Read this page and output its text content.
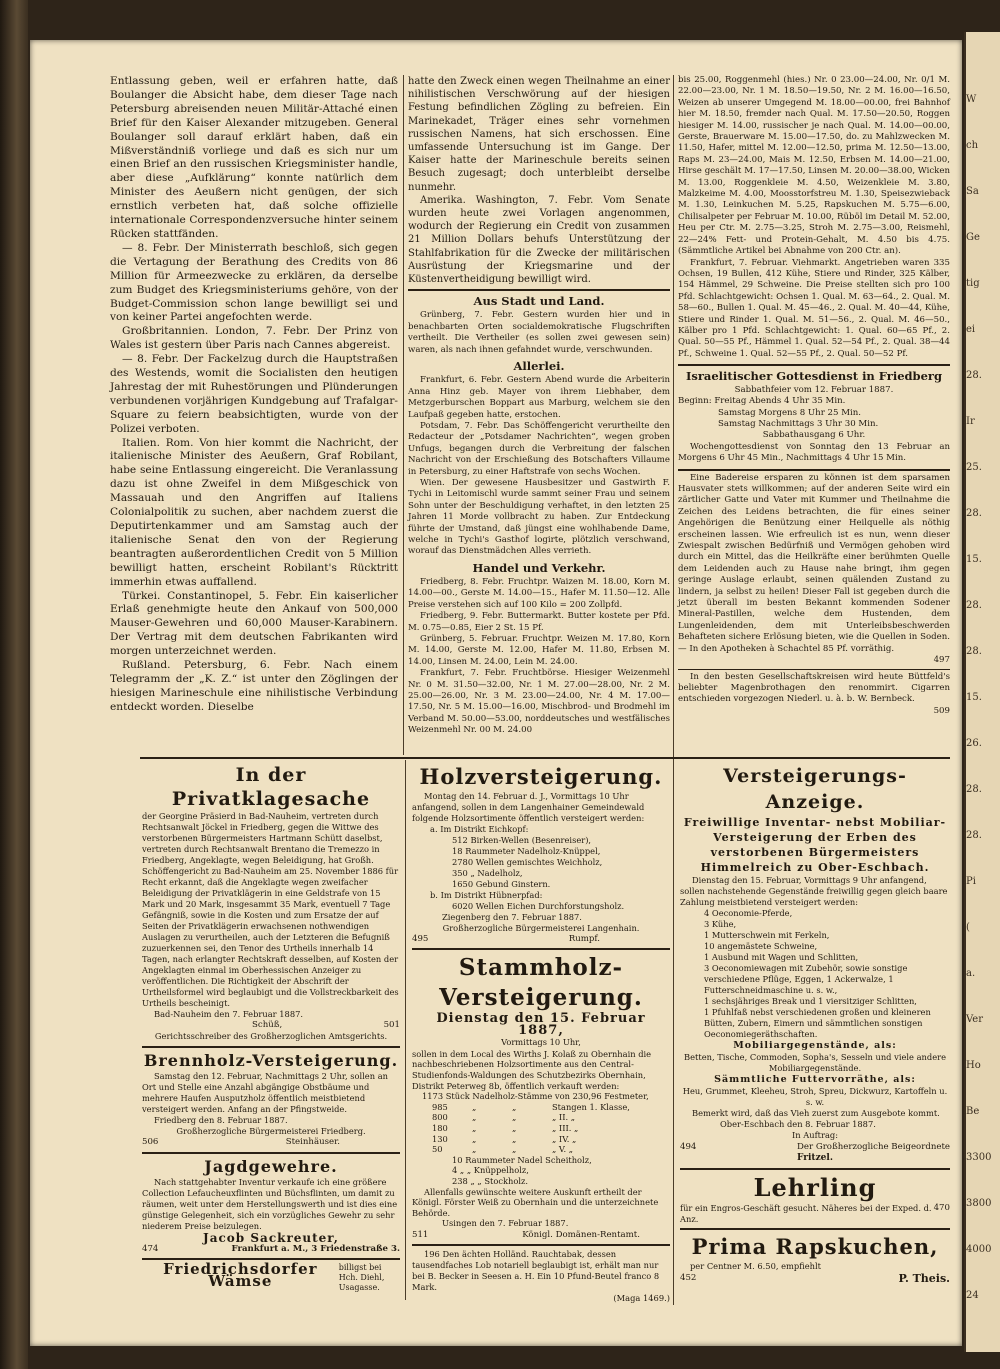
W
ch
Sa
Ge
tig
ei
28.
Ir
25.
28.
15.
28.
28.
15.
26.
28.
28.
Pi
(
a.
Ver
Ho
Be
3300
3800
4000
24

Entlassung geben, weil er erfahren hatte, daß Boulanger die Absicht habe, dem dieser Tage nach Petersburg abreisenden neuen Militär-Attaché einen Brief für den Kaiser Alexander mitzugeben. General Boulanger soll darauf erklärt haben, daß ein Mißverständniß vorliege und daß es sich nur um einen Brief an den russischen Kriegsminister handle, aber diese „Aufklärung“ konnte natürlich dem Minister des Aeußern nicht genügen, der sich ernstlich verbeten hat, daß solche offizielle internationale Correspondenzversuche hinter seinem Rücken stattfänden.

— 8. Febr. Der Ministerrath beschloß, sich gegen die Vertagung der Berathung des Credits von 86 Million für Armeezwecke zu erklären, da derselbe zum Budget des Kriegsministeriums gehöre, von der Budget-Commission schon lange bewilligt sei und von keiner Partei angefochten werde.

Großbritannien. London, 7. Febr. Der Prinz von Wales ist gestern über Paris nach Cannes abgereist.

— 8. Febr. Der Fackelzug durch die Hauptstraßen des Westends, womit die Socialisten den heutigen Jahrestag der mit Ruhestörungen und Plünderungen verbundenen vorjährigen Kundgebung auf Trafalgar-Square zu feiern beabsichtigten, wurde von der Polizei verboten.

Italien. Rom. Von hier kommt die Nachricht, der italienische Minister des Aeußern, Graf Robilant, habe seine Entlassung eingereicht. Die Veranlassung dazu ist ohne Zweifel in dem Mißgeschick von Massauah und den Angriffen auf Italiens Colonialpolitik zu suchen, aber nachdem zuerst die Deputirtenkammer und am Samstag auch der italienische Senat den von der Regierung beantragten außerordentlichen Credit von 5 Million bewilligt hatten, erscheint Robilant's Rücktritt immerhin etwas auffallend.

Türkei. Constantinopel, 5. Febr. Ein kaiserlicher Erlaß genehmigte heute den Ankauf von 500,000 Mauser-Gewehren und 60,000 Mauser-Karabinern. Der Vertrag mit dem deutschen Fabrikanten wird morgen unterzeichnet werden.

Rußland. Petersburg, 6. Febr. Nach einem Telegramm der „K. Z.“ ist unter den Zöglingen der hiesigen Marineschule eine nihilistische Verbindung entdeckt worden. Dieselbe

hatte den Zweck einen wegen Theilnahme an einer nihilistischen Verschwörung auf der hiesigen Festung befindlichen Zögling zu befreien. Ein Marinekadet, Träger eines sehr vornehmen russischen Namens, hat sich erschossen. Eine umfassende Untersuchung ist im Gange. Der Kaiser hatte der Marineschule bereits seinen Besuch zugesagt; doch unterbleibt derselbe nunmehr.

Amerika. Washington, 7. Febr. Vom Senate wurden heute zwei Vorlagen angenommen, wodurch der Regierung ein Credit von zusammen 21 Million Dollars behufs Unterstützung der Stahlfabrikation für die Zwecke der militärischen Ausrüstung der Kriegsmarine und der Küstenvertheidigung bewilligt wird.

Aus Stadt und Land.

Grünberg, 7. Febr. Gestern wurden hier und in benachbarten Orten socialdemokratische Flugschriften vertheilt. Die Vertheiler (es sollen zwei gewesen sein) waren, als nach ihnen gefahndet wurde, verschwunden.

Allerlei.

Frankfurt, 6. Febr. Gestern Abend wurde die Arbeiterin Anna Hinz geb. Mayer von ihrem Liebhaber, dem Metzgerburschen Boppart aus Marburg, welchem sie den Laufpaß gegeben hatte, erstochen.

Potsdam, 7. Febr. Das Schöffengericht verurtheilte den Redacteur der „Potsdamer Nachrichten“, wegen groben Unfugs, begangen durch die Verbreitung der falschen Nachricht von der Erschießung des Botschafters Villaume in Petersburg, zu einer Haftstrafe von sechs Wochen.

Wien. Der gewesene Hausbesitzer und Gastwirth F. Tychi in Leitomischl wurde sammt seiner Frau und seinem Sohn unter der Beschuldigung verhaftet, in den letzten 25 Jahren 11 Morde vollbracht zu haben. Zur Entdeckung führte der Umstand, daß jüngst eine wohlhabende Dame, welche in Tychi's Gasthof logirte, plötzlich verschwand, worauf das Dienstmädchen Alles verrieth.

Handel und Verkehr.

Friedberg, 8. Febr. Fruchtpr. Waizen M. 18.00, Korn M. 14.00—00., Gerste M. 14.00—15., Hafer M. 11.50—12. Alle Preise verstehen sich auf 100 Kilo = 200 Zollpfd.

Friedberg, 9. Febr. Buttermarkt. Butter kostete per Pfd. M. 0.75—0.85, Eier 2 St. 15 Pf.

Grünberg, 5. Februar. Fruchtpr. Weizen M. 17.80, Korn M. 14.00, Gerste M. 12.00, Hafer M. 11.80, Erbsen M. 14.00, Linsen M. 24.00, Lein M. 24.00.

Frankfurt, 7. Febr. Fruchtbörse. Hiesiger Weizenmehl Nr. 0 M. 31.50—32.00, Nr. 1 M. 27.00—28.00, Nr. 2 M. 25.00—26.00, Nr. 3 M. 23.00—24.00, Nr. 4 M. 17.00—17.50, Nr. 5 M. 15.00—16.00, Mischbrod- und Brodmehl im Verband M. 50.00—53.00, norddeutsches und westfälisches Weizenmehl Nr. 00 M. 24.00

bis 25.00, Roggenmehl (hies.) Nr. 0 23.00—24.00, Nr. 0/1 M. 22.00—23.00, Nr. 1 M. 18.50—19.50, Nr. 2 M. 16.00—16.50, Weizen ab unserer Umgegend M. 18.00—00.00, frei Bahnhof hier M. 18.50, fremder nach Qual. M. 17.50—20.50, Roggen hiesiger M. 14.00, russischer je nach Qual. M. 14.00—00.00, Gerste, Brauerware M. 15.00—17.50, do. zu Mahlzwecken M. 11.50, Hafer, mittel M. 12.00—12.50, prima M. 12.50—13.00, Raps M. 23—24.00, Mais M. 12.50, Erbsen M. 14.00—21.00, Hirse geschält M. 17—17.50, Linsen M. 20.00—38.00, Wicken M. 13.00, Roggenkleie M. 4.50, Weizenkleie M. 3.80, Malzkeime M. 4.00, Moosstorfstreu M. 1.30, Speisezwieback M. 1.30, Leinkuchen M. 5.25, Rapskuchen M. 5.75—6.00, Chilisalpeter per Februar M. 10.00, Rüböl im Detail M. 52.00, Heu per Ctr. M. 2.75—3.25, Stroh M. 2.75—3.00, Reismehl, 22—24% Fett- und Protein-Gehalt, M. 4.50 bis 4.75. (Sämmtliche Artikel bei Abnahme von 200 Ctr. an).

Frankfurt, 7. Februar. Viehmarkt. Angetrieben waren 335 Ochsen, 19 Bullen, 412 Kühe, Stiere und Rinder, 325 Kälber, 154 Hämmel, 29 Schweine. Die Preise stellten sich pro 100 Pfd. Schlachtgewicht: Ochsen 1. Qual. M. 63—64., 2. Qual. M. 58—60., Bullen 1. Qual. M. 45—46., 2. Qual. M. 40—44, Kühe, Stiere und Rinder 1. Qual. M. 51—56., 2. Qual. M. 46—50., Kälber pro 1 Pfd. Schlachtgewicht: 1. Qual. 60—65 Pf., 2. Qual. 50—55 Pf., Hämmel 1. Qual. 52—54 Pf., 2. Qual. 38—44 Pf., Schweine 1. Qual. 52—55 Pf., 2. Qual. 50—52 Pf.

Israelitischer Gottesdienst in Friedberg

Sabbathfeier vom 12. Februar 1887.

Beginn: Freitag Abends 4 Uhr 35 Min.

Samstag Morgens 8 Uhr 25 Min.

Samstag Nachmittags 3 Uhr 30 Min.

Sabbathausgang 6 Uhr.

Wochengottesdienst von Sonntag den 13 Februar an Morgens 6 Uhr 45 Min., Nachmittags 4 Uhr 15 Min.

Eine Badereise ersparen zu können ist dem sparsamen Hausvater stets willkommen; auf der anderen Seite wird ein zärtlicher Gatte und Vater mit Kummer und Theilnahme die Zeichen des Leidens betrachten, die für eines seiner Angehörigen die Benützung einer Heilquelle als nöthig erscheinen lassen. Wie erfreulich ist es nun, wenn dieser Zwiespalt zwischen Bedürfniß und Vermögen gehoben wird durch ein Mittel, das die Heilkräfte einer berühmten Quelle dem Leidenden auch zu Hause nahe bringt, ihm gegen geringe Auslage erlaubt, seinen quälenden Zustand zu lindern, ja selbst zu heilen! Dieser Fall ist gegeben durch die jetzt überall im besten Bekannt kommenden Sodener Mineral-Pastillen, welche dem Hustenden, dem Lungenleidenden, dem mit Unterleibsbeschwerden Behafteten sichere Erlösung bieten, wie die Quellen in Soden. — In den Apotheken à Schachtel 85 Pf. vorräthig.

497

In den besten Gesellschaftskreisen wird heute Büttfeld's beliebter Magenbrothagen den renommirt. Cigarren entschieden vorgezogen Niederl. u. à. b. W. Bernbeck.

509

In der Privatklagesache

der Georgine Präsierd in Bad-Nauheim, vertreten durch Rechtsanwalt Jöckel in Friedberg, gegen die Wittwe des verstorbenen Bürgermeisters Hartmann Schütt daselbst, vertreten durch Rechtsanwalt Brentano die Tremezzo in Friedberg, Angeklagte, wegen Beleidigung, hat Großh. Schöffengericht zu Bad-Nauheim am 25. November 1886 für Recht erkannt, daß die Angeklagte wegen zweifacher Beleidigung der Privatklägerin in eine Geldstrafe von 15 Mark und 20 Mark, insgesammt 35 Mark, eventuell 7 Tage Gefängniß, sowie in die Kosten und zum Ersatze der auf Seiten der Privatklägerin erwachsenen nothwendigen Auslagen zu verurtheilen, auch der Letzteren die Befugniß zuzuerkennen sei, den Tenor des Urtheils innerhalb 14 Tagen, nach erlangter Rechtskraft desselben, auf Kosten der Angeklagten einmal im Oberhessischen Anzeiger zu veröffentlichen. Die Richtigkeit der Abschrift der Urtheilsformel wird beglaubigt und die Vollstreckbarkeit des Urtheils bescheinigt.

Bad-Nauheim den 7. Februar 1887.

Schüß,	501

Gerichtsschreiber des Großherzoglichen Amtsgerichts.

Brennholz-Versteigerung.

Samstag den 12. Februar, Nachmittags 2 Uhr, sollen an Ort und Stelle eine Anzahl abgängige Obstbäume und mehrere Haufen Ausputzholz öffentlich meistbietend versteigert werden. Anfang an der Pfingstweide.

Friedberg den 8. Februar 1887.

Großherzogliche Bürgermeisterei Friedberg.

506	Steinhäuser.
Jagdgewehre.

Nach stattgehabter Inventur verkaufe ich eine größere Collection Lefaucheuxflinten und Büchsflinten, um damit zu räumen, weit unter dem Herstellungswerth und ist dies eine günstige Gelegenheit, sich ein vorzügliches Gewehr zu sehr niederem Preise beizulegen.

Jacob Sackreuter,
474	Frankfurt a. M., 3 Friedenstraße 3.
Friedrichsdorfer Wämse
billigst bei Hch. Diehl, Usagasse.
Holzversteigerung.

Montag den 14. Februar d. J., Vormittags 10 Uhr anfangend, sollen in dem Langenhainer Gemeindewald folgende Holzsortimente öffentlich versteigert werden:

a. Im Distrikt Eichkopf:
512 Birken-Wellen (Besenreiser),
18 Raummeter Nadelholz-Knüppel,
2780 Wellen gemischtes Weichholz,
350 „ Nadelholz,
1650 Gebund Ginstern.
b. Im Distrikt Hübnerpfad:
6020 Wellen Eichen Durchforstungsholz.
Ziegenberg den 7. Februar 1887.
Großherzogliche Bürgermeisterei Langenhain.
495	Rumpf.
Stammholz-Versteigerung.
Dienstag den 15. Februar 1887,
Vormittags 10 Uhr,

sollen in dem Local des Wirths J. Kolaß zu Obernhain die nachbeschriebenen Holzsortimente aus den Central-Studienfonds-Waldungen des Schutzbezirks Obernhain, Distrikt Peterweg 8b, öffentlich verkauft werden:

1173 Stück Nadelholz-Stämme von 230,96 Festmeter,
985	„	„	Stangen 1. Klasse,
800	„	„	„ II. „
180	„	„	„ III. „
130	„	„	„ IV. „
50	„	„	„ V. „
10 Raummeter Nadel Scheitholz,
4 „ „ Knüppelholz,
238 „ „ Stockholz.

Allenfalls gewünschte weitere Auskunft ertheilt der Königl. Förster Weiß zu Obernhain und die unterzeichnete Behörde.

Usingen den 7. Februar 1887.
511	Königl. Domänen-Rentamt.

196 Den ächten Holländ. Rauchtabak, dessen tausendfaches Lob notariell beglaubigt ist, erhält man nur bei B. Becker in Seesen a. H. Ein 10 Pfund-Beutel franco 8 Mark.

(Maga 1469.)
Versteigerungs-Anzeige.
Freiwillige Inventar- nebst Mobiliar-Versteigerung der Erben des verstorbenen Bürgermeisters Himmelreich zu Ober-Eschbach.

Dienstag den 15. Februar, Vormittags 9 Uhr anfangend, sollen nachstehende Gegenstände freiwillig gegen gleich baare Zahlung meistbietend versteigert werden:

4 Oeconomie-Pferde,
3 Kühe,
1 Mutterschwein mit Ferkeln,
10 angemästete Schweine,
1 Ausbund mit Wagen und Schlitten,
3 Oeconomiewagen mit Zubehör, sowie sonstige verschiedene Pflüge, Eggen, 1 Ackerwalze, 1 Futterschneidmaschine u. s. w.,
1 sechsjähriges Break und 1 viersitziger Schlitten,
1 Pfuhlfaß nebst verschiedenen großen und kleineren Bütten, Zubern, Eimern und sämmtlichen sonstigen Oeconomiegeräthschaften.
Mobiliargegenstände, als:

Betten, Tische, Commoden, Sopha's, Sesseln und viele andere Mobiliargegenstände.

Sämmtliche Futtervorräthe, als:

Heu, Grummet, Kleeheu, Stroh, Spreu, Dickwurz, Kartoffeln u. s. w.

Bemerkt wird, daß das Vieh zuerst zum Ausgebote kommt.

Ober-Eschbach den 8. Februar 1887.
In Auftrag:
494	Der Großherzogliche Beigeordnete
Fritzel.
Lehrling
für ein Engros-Geschäft gesucht. Näheres bei der Exped. d. Anz.
470
Prima Rapskuchen,
per Centner M. 6.50, empfiehlt
452	P. Theis.
